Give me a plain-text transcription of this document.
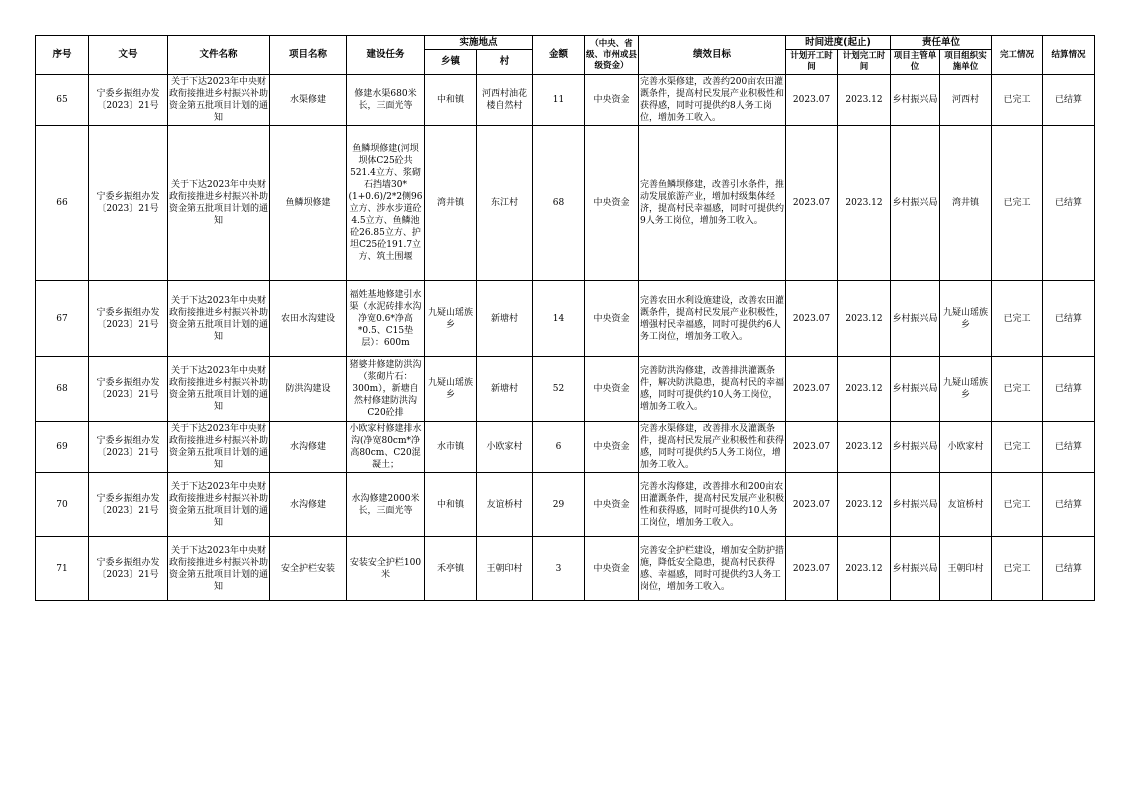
序号	文号	文件名称	项目名称	建设任务	实施地点		金额	（中央、省级、市州或县级资金）	绩效目标	时间进度(起止)		责任单位		完工情况	结算情况
					乡镇	村				计划开工时间	计划完工时间	项目主管单位	项目组织实施单位		
65	宁委乡振组办发〔2023〕21号	关于下达2023年中央财政衔接推进乡村振兴补助资金第五批项目计划的通知	水渠修建	修建水渠680米长，三面光等	中和镇	河西村油花楼自然村	11	中央资金	完善水渠修建，改善约200亩农田灌溉条件，提高村民发展产业积极性和获得感，同时可提供约8人务工岗位，增加务工收入。	2023.07	2023.12	乡村振兴局	河西村	已完工	已结算
66	宁委乡振组办发〔2023〕21号	关于下达2023年中央财政衔接推进乡村振兴补助资金第五批项目计划的通知	鱼鳞坝修建	鱼鳞坝修建(河坝坝体C25砼共521.4立方、浆砌石挡墙30*(1+0.6)/2*2侧96立方、涉水步道砼4.5立方、鱼鳞池砼26.85立方、护坦C25砼191.7立方、筑土围堰	湾井镇	东江村	68	中央资金	完善鱼鳞坝修建，改善引水条件，推动发展旅游产业，增加村级集体经济，提高村民幸福感，同时可提供约9人务工岗位，增加务工收入。	2023.07	2023.12	乡村振兴局	湾井镇	已完工	已结算
67	宁委乡振组办发〔2023〕21号	关于下达2023年中央财政衔接推进乡村振兴补助资金第五批项目计划的通知	农田水沟建设	福姓基地修建引水渠（水泥砖排水沟净宽0.6*净高*0.5、C15垫层）：600m	九疑山瑶族乡	新塘村	14	中央资金	完善农田水利设施建设，改善农田灌溉条件，提高村民发展产业积极性，增强村民幸福感，同时可提供约6人务工岗位，增加务工收入。	2023.07	2023.12	乡村振兴局	九疑山瑶族乡	已完工	已结算
68	宁委乡振组办发〔2023〕21号	关于下达2023年中央财政衔接推进乡村振兴补助资金第五批项目计划的通知	防洪沟建设	猪婆井修建防洪沟（浆砌片石：300m），新塘自然村修建防洪沟C20砼排	九疑山瑶族乡	新塘村	52	中央资金	完善防洪沟修建，改善排洪灌溉条件，解决防洪隐患，提高村民的幸福感，同时可提供约10人务工岗位，增加务工收入。	2023.07	2023.12	乡村振兴局	九疑山瑶族乡	已完工	已结算
69	宁委乡振组办发〔2023〕21号	关于下达2023年中央财政衔接推进乡村振兴补助资金第五批项目计划的通知	水沟修建	小欧家村修建排水沟(净宽80cm*净高80cm、C20混凝土；	水市镇	小欧家村	6	中央资金	完善水渠修建，改善排水及灌溉条件，提高村民发展产业积极性和获得感，同时可提供约5人务工岗位，增加务工收入。	2023.07	2023.12	乡村振兴局	小欧家村	已完工	已结算
70	宁委乡振组办发〔2023〕21号	关于下达2023年中央财政衔接推进乡村振兴补助资金第五批项目计划的通知	水沟修建	水沟修建2000米长，三面光等	中和镇	友谊桥村	29	中央资金	完善水沟修建，改善排水和200亩农田灌溉条件，提高村民发展产业积极性和获得感，同时可提供约10人务工岗位，增加务工收入。	2023.07	2023.12	乡村振兴局	友谊桥村	已完工	已结算
71	宁委乡振组办发〔2023〕21号	关于下达2023年中央财政衔接推进乡村振兴补助资金第五批项目计划的通知	安全护栏安装	安装安全护栏100米	禾亭镇	王朝印村	3	中央资金	完善安全护栏建设，增加安全防护措施，降低安全隐患，提高村民获得感、幸福感，同时可提供约3人务工岗位，增加务工收入。	2023.07	2023.12	乡村振兴局	王朝印村	已完工	已结算
